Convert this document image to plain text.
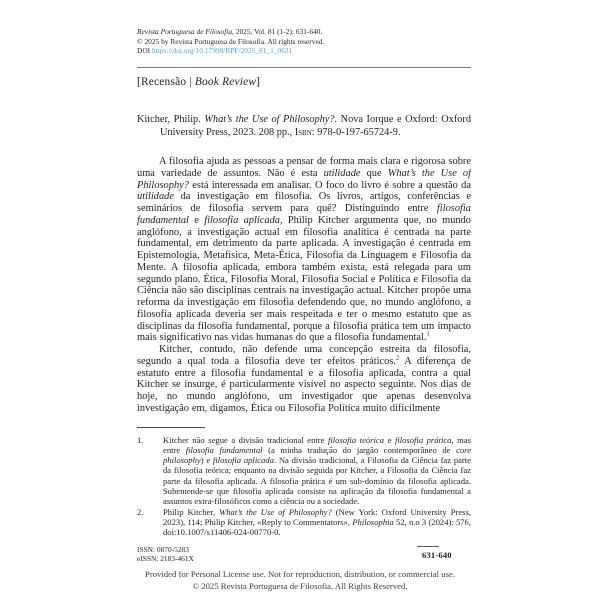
Revista Portuguesa de Filosofia, 2025, Vol. 81 (1-2): 631-640.
© 2025 by Revista Portuguesa de Filosofia. All rights reserved.
DOI https://doi.org/10.17990/RPF/2025_81_1_0631
[Recensão | Book Review]
Kitcher, Philip. What’s the Use of Philosophy?. Nova Iorque e Oxford: Oxford University Press, 2023. 208 pp., Isbn: 978-0-197-65724-9.

A filosofia ajuda as pessoas a pensar de forma mais clara e rigorosa sobre uma variedade de assuntos. Não é esta utilidade que What’s the Use of Philosophy? está interessada em analisar. O foco do livro é sobre a questão da utilidade da investigação em filosofia. Os livros, artigos, conferências e seminários de filosofia servem para quê? Distinguindo entre filosofia fundamental e filosofia aplicada, Philip Kitcher argumenta que, no mundo anglófono, a investigação actual em filosofia analítica é centrada na parte fundamental, em detrimento da parte aplicada. A investigação é centrada em Epistemologia, Metafísica, Meta-Ética, Filosofia da Linguagem e Filosofia da Mente. A filosofia aplicada, embora também exista, está relegada para um segundo plano. Ética, Filosofia Moral, Filosofia Social e Política e Filosofia da Ciência não são disciplinas centrais na investigação actual. Kitcher propõe uma reforma da investigação em filosofia defendendo que, no mundo anglófono, a filosofia aplicada deveria ser mais respeitada e ter o mesmo estatuto que as disciplinas da filosofia fundamental, porque a filosofia prática tem um impacto mais significativo nas vidas humanas do que a filosofia fundamental.$^1$

Kitcher, contudo, não defende uma concepção estreita da filosofia, segundo a qual toda a filosofia deve ter efeitos práticos.$^2$ A diferença de estatuto entre a filosofia fundamental e a filosofia aplicada, contra a qual Kitcher se insurge, é particularmente visível no aspecto seguinte. Nos dias de hoje, no mundo anglófono, um investigador que apenas desenvolva investigação em, digamos, Ética ou Filosofia Política muito dificilmente

1. Kitcher não segue a divisão tradicional entre filosofia teórica e filosofia prática, mas entre filosofia fundamental (a minha tradução do jargão contemporâneo de core philosophy) e filosofia aplicada. Na divisão tradicional, a Filosofia da Ciência faz parte da filosofia teórica; enquanto na divisão seguida por Kitcher, a Filosofia da Ciência faz parte da filosofia aplicada. A filosofia prática é um sub-domínio da filosofia aplicada. Subentende-se que filosofia aplicada consiste na aplicação da filosofia fundamental a assuntos extra-filosóficos como a ciência ou a sociedade.
2. Philip Kitcher, What’s the Use of Philosophy? (New York: Oxford University Press, 2023), 114; Philip Kitcher, «Reply to Commentators», Philosophia 52, n.o 3 (2024): 576, doi:10.1007/s11406-024-00770-0.
ISSN: 0870-5283
eISSN: 2183-461X	631-640
Provided for Personal License use. Not for reproduction, distribution, or commercial use.
© 2025 Revista Portuguesa de Filosofia. All Rights Reserved.
